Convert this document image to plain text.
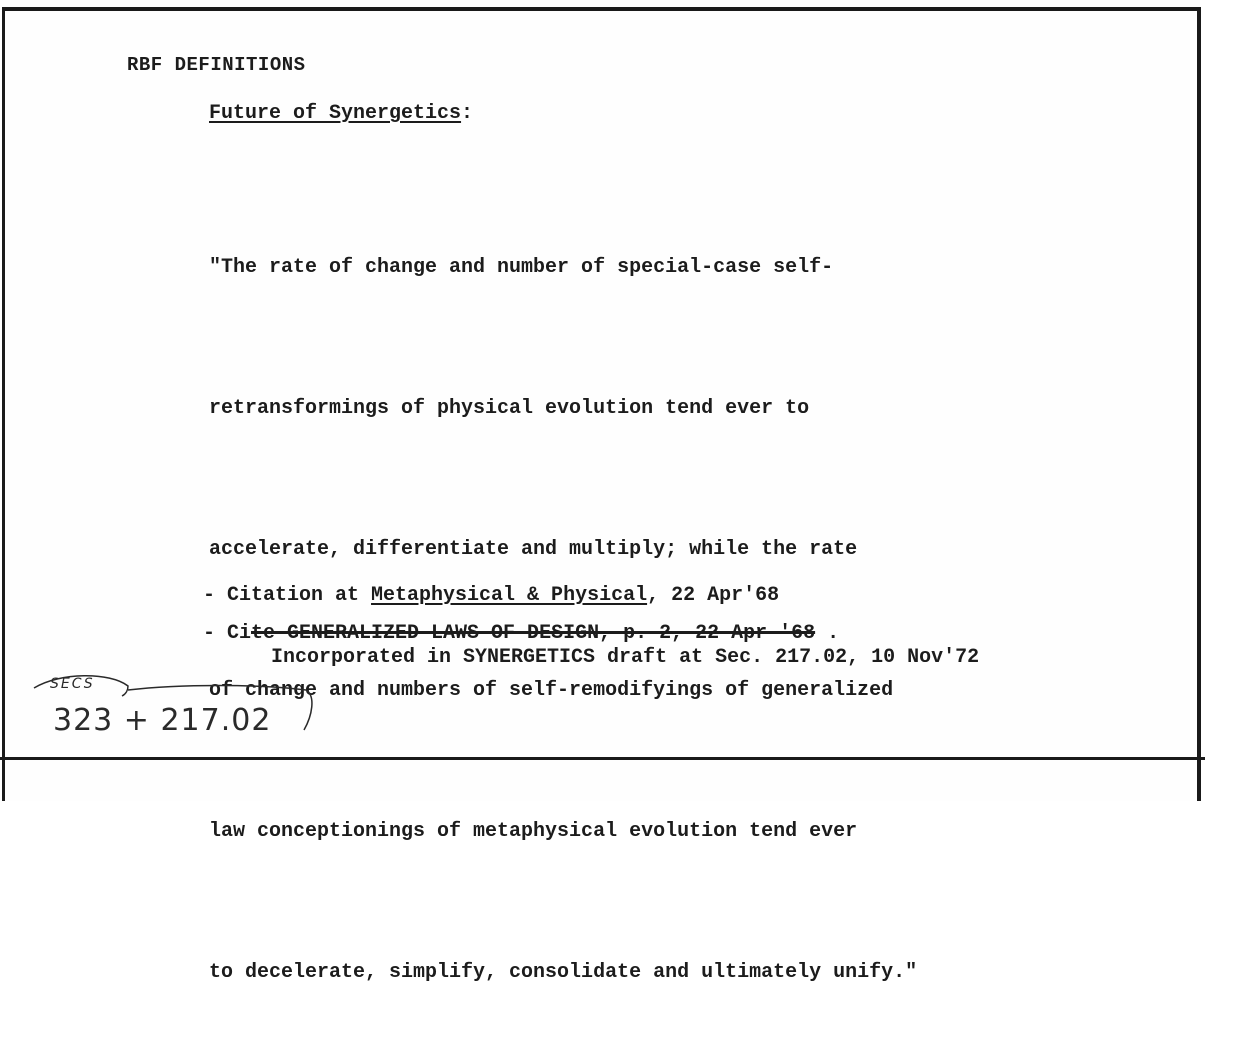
RBF DEFINITIONS
Future of Synergetics:

"The rate of change and number of special-case self-

retransformings of physical evolution tend ever to

accelerate, differentiate and multiply; while the rate

of change and numbers of self-remodifyings of generalized

law conceptionings of metaphysical evolution tend ever

to decelerate, simplify, consolidate and ultimately unify."

- Citation at Metaphysical & Physical, 22 Apr'68
- Cite GENERALIZED LAWS OF DESIGN, p. 2, 22 Apr '68 .
Incorporated in SYNERGETICS draft at Sec. 217.02, 10 Nov'72
SECS
323 + 217.02
